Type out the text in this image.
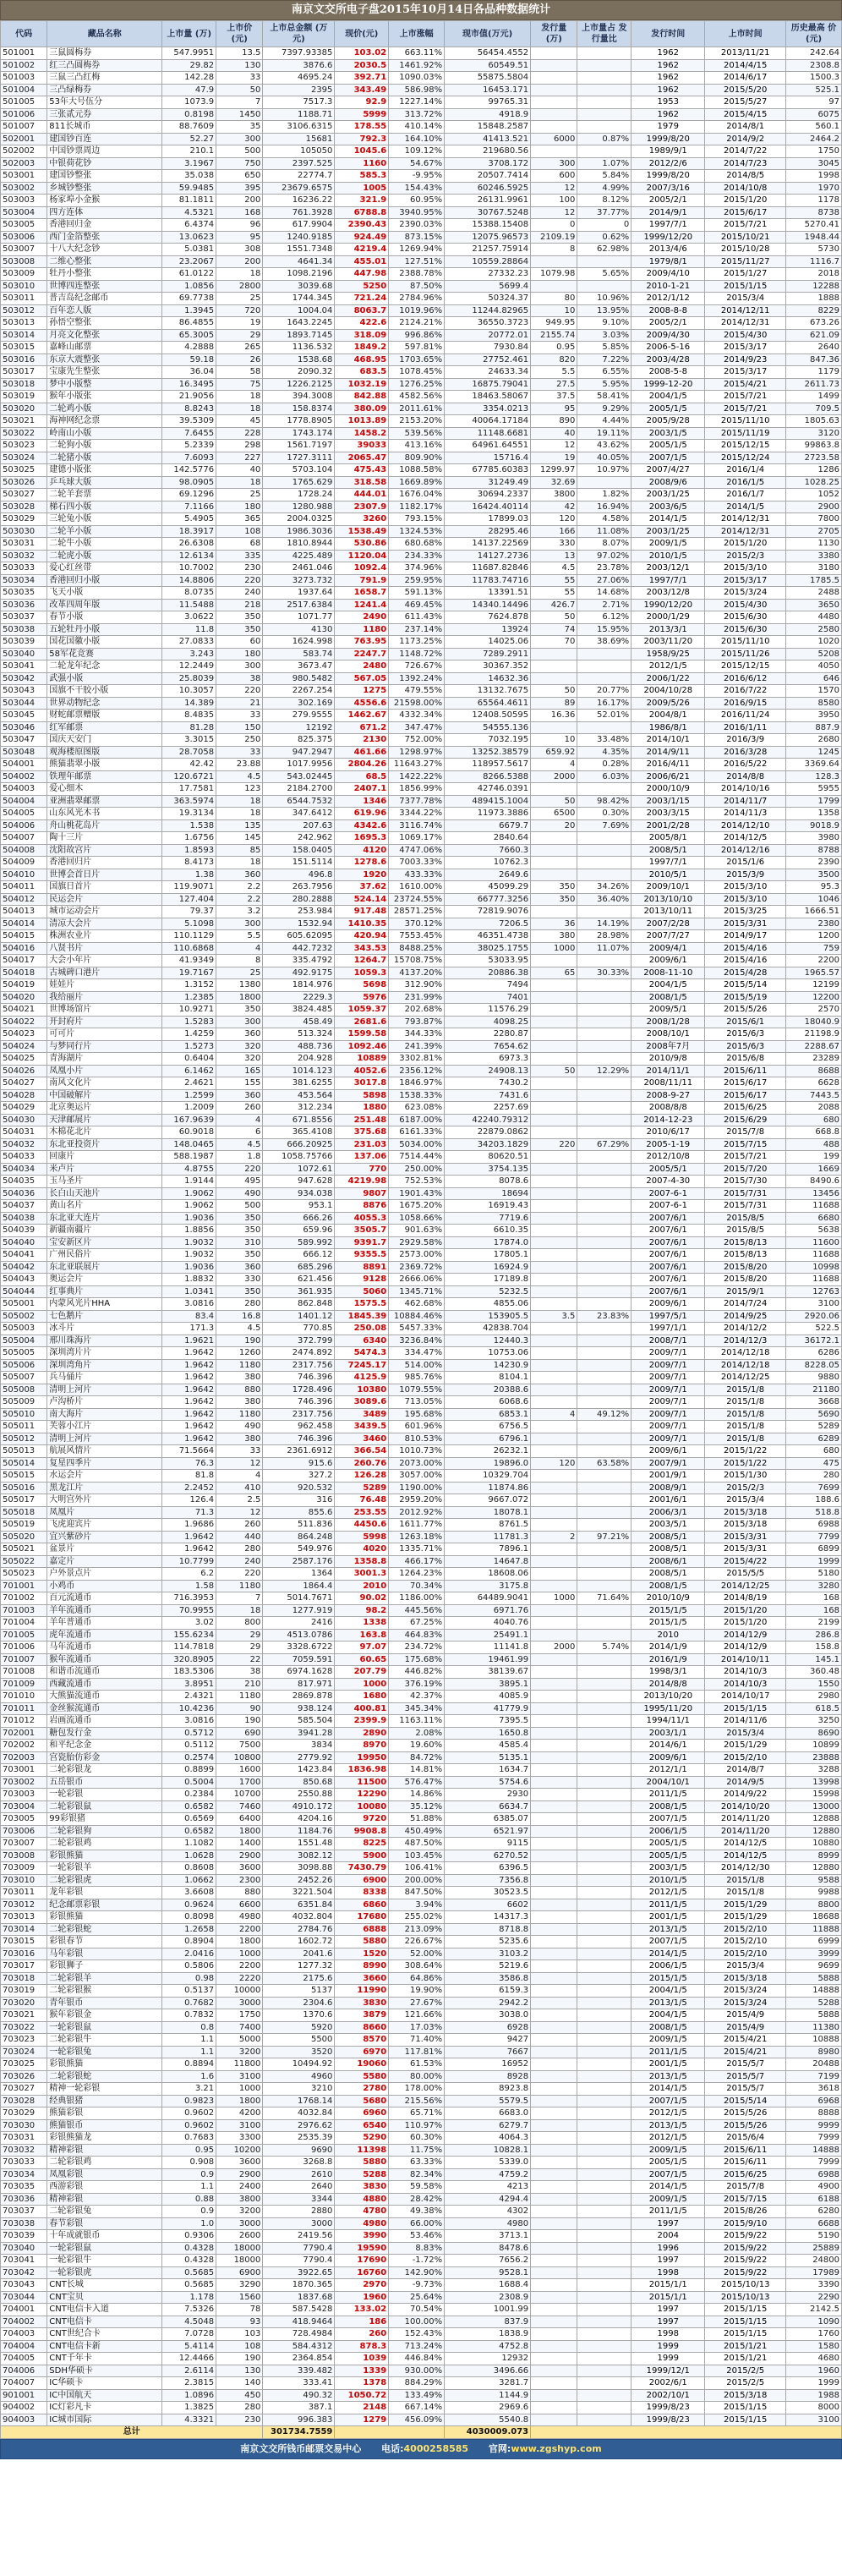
南京文交所电子盘2015年10月14日各品种数据统计
代码	藏品名称	上市量 (万)	上市价 (元)	上市总金额 (万元)	现价(元)	上市涨幅	现市值(万元)	发行量 (万)	上市量占 发行量比	发行时间	上市时间	历史最高 价(元)
501001	三鼠圆梅券	547.9951	13.5	7397.93385	103.02	663.11%	56454.4552			1962	2013/11/21	242.64
501002	红三凸圆梅券	29.82	130	3876.6	2030.5	1461.92%	60549.51			1962	2014/4/15	2308.8
501003	三鼠三凸红梅	142.28	33	4695.24	392.71	1090.03%	55875.5804			1962	2014/6/17	1500.3
501004	三凸绿梅券	47.9	50	2395	343.49	586.98%	16453.171			1962	2015/5/20	525.1
501005	53年大号伍分	1073.9	7	7517.3	92.9	1227.14%	99765.31			1953	2015/5/27	97
501006	三张贰元券	0.8198	1450	1188.71	5999	313.72%	4918.9			1962	2015/4/15	6075
501007	811长城币	88.7609	35	3106.6315	178.55	410.14%	15848.2587			1979	2014/8/1	560.1
502001	建国钞百连	52.27	300	15681	792.3	164.10%	41413.521	6000	0.87%	1999/8/20	2014/9/2	2464.2
502002	中国钞票周边	210.1	500	105050	1045.6	109.12%	219680.56			1989/9/1	2014/7/22	1750
502003	中银荷花钞	3.1967	750	2397.525	1160	54.67%	3708.172	300	1.07%	2012/2/6	2014/7/23	3045
503001	建国钞整张	35.038	650	22774.7	585.3	-9.95%	20507.7414	600	5.84%	1999/8/20	2014/8/5	1998
503002	乡城钞整张	59.9485	395	23679.6575	1005	154.43%	60246.5925	12	4.99%	2007/3/16	2014/10/8	1970
503003	杨家埠小金猴	81.1811	200	16236.22	321.9	60.95%	26131.9961	100	8.12%	2005/2/1	2015/1/20	1178
503004	四方连体	4.5321	168	761.3928	6788.8	3940.95%	30767.5248	12	37.77%	2014/9/1	2015/6/17	8738
503005	香港回归金	6.4374	96	617.9904	2390.43	2390.03%	15388.15408	0	0	1997/7/1	2015/7/21	5270.41
503006	西门金箔整张	13.0623	95	1240.9185	924.49	873.15%	12075.96573	2109.19	0.62%	1999/12/20	2015/10/21	1948.44
503007	十八大纪念钞	5.0381	308	1551.7348	4219.4	1269.94%	21257.75914	8	62.98%	2013/4/6	2015/10/28	5730
503008	二维心整张	23.2067	200	4641.34	455.01	127.51%	10559.28864			1979/8/1	2015/11/27	1116.7
503009	牡丹小整张	61.0122	18	1098.2196	447.98	2388.78%	27332.23	1079.98	5.65%	2009/4/10	2015/1/27	2018
503010	世博四连整张	1.0856	2800	3039.68	5250	87.50%	5699.4			2010-1-21	2015/1/15	12288
503011	普吉岛纪念邮币	69.7738	25	1744.345	721.24	2784.96%	50324.37	80	10.96%	2012/1/12	2015/3/4	1888
503012	百年恋人版	1.3945	720	1004.04	8063.7	1019.96%	11244.82965	10	13.95%	2008-8-8	2014/12/11	8229
503013	孙悟空整张	86.4855	19	1643.2245	422.6	2124.21%	36550.3723	949.95	9.10%	2005/2/1	2014/12/31	673.26
503014	月亮文化整张	65.3005	29	1893.7145	318.09	996.86%	20772.01	2155.74	3.03%	2009/4/30	2015/4/30	621.09
503015	嘉峰山邮票	4.2888	265	1136.532	1849.2	597.81%	7930.84	0.95	5.85%	2006-5-16	2015/3/17	2640
503016	东京大震整张	59.18	26	1538.68	468.95	1703.65%	27752.461	820	7.22%	2003/4/28	2014/9/23	847.36
503017	宝康先生整张	36.04	58	2090.32	683.5	1078.45%	24633.34	5.5	6.55%	2008-5-8	2015/3/17	1179
503018	梦中小版整	16.3495	75	1226.2125	1032.19	1276.25%	16875.79041	27.5	5.95%	1999-12-20	2015/4/21	2611.73
503019	猴年小版张	21.9056	18	394.3008	842.88	4582.56%	18463.58067	37.5	58.41%	2004/1/5	2015/7/21	1499
503020	二轮鸡小版	8.8243	18	158.8374	380.09	2011.61%	3354.0213	95	9.29%	2005/1/5	2015/7/21	709.5
503021	海神网纪念票	39.5309	45	1778.8905	1013.89	2153.20%	40064.17184	890	4.44%	2005/9/28	2015/11/10	1805.63
503022	岭南山小版	7.6455	228	1743.174	1458.2	539.56%	11148.6681	40	19.11%	2003/1/5	2015/11/19	3120
503023	二轮狗小版	5.2339	298	1561.7197	39033	413.16%	64961.64551	12	43.62%	2005/1/5	2015/12/15	99863.8
503024	二轮猪小版	7.6093	227	1727.3111	2065.47	809.90%	15716.4	19	40.05%	2007/1/5	2015/12/24	2723.58
503025	建德小版张	142.5776	40	5703.104	475.43	1088.58%	67785.60383	1299.97	10.97%	2007/4/27	2016/1/4	1286
503026	乒乓球大版	98.0905	18	1765.629	318.58	1669.89%	31249.49	32.69		2008/9/6	2016/1/5	1028.25
503027	二轮羊套票	69.1296	25	1728.24	444.01	1676.04%	30694.2337	3800	1.82%	2003/1/25	2016/1/7	1052
503028	梯石四小版	7.1166	180	1280.988	2307.9	1182.17%	16424.40114	42	16.94%	2003/6/5	2014/1/5	2900
503029	三轮兔小版	5.4905	365	2004.0325	3260	793.15%	17899.03	120	4.58%	2014/1/5	2014/12/31	7800
503030	二轮羊小版	18.3917	108	1986.3036	1538.49	1324.53%	28295.46	166	11.08%	2003/1/25	2014/12/31	2705
503031	二轮牛小版	26.6308	68	1810.8944	530.86	680.68%	14137.22569	330	8.07%	2009/1/5	2015/1/20	1130
503032	二轮虎小版	12.6134	335	4225.489	1120.04	234.33%	14127.2736	13	97.02%	2010/1/5	2015/2/3	3380
503033	爱心红丝带	10.7002	230	2461.046	1092.4	374.96%	11687.82846	4.5	23.78%	2003/12/1	2015/3/10	3180
503034	香港回归小版	14.8806	220	3273.732	791.9	259.95%	11783.74716	55	27.06%	1997/7/1	2015/3/17	1785.5
503035	飞天小版	8.0735	240	1937.64	1658.7	591.13%	13391.51	55	14.68%	2003/12/8	2015/3/24	2488
503036	改革四周年版	11.5488	218	2517.6384	1241.4	469.45%	14340.14496	426.7	2.71%	1990/12/20	2015/4/30	3650
503037	春节小版	3.0622	350	1071.77	2490	611.43%	7624.878	50	6.12%	2000/1/29	2015/6/30	4480
503038	五轮牡丹小版	11.8	350	4130	1180	237.14%	13924	74	15.95%	2013/3/1	2015/6/30	2580
503039	国花国徽小版	27.0833	60	1624.998	763.95	1173.25%	14025.06	70	38.69%	2003/11/20	2015/11/10	1020
503040	58军花竞赛	3.243	180	583.74	2247.7	1148.72%	7289.2911			1958/9/25	2015/11/26	5208
503041	二轮龙年纪念	12.2449	300	3673.47	2480	726.67%	30367.352			2012/1/5	2015/12/15	4050
503042	武强小版	25.8039	38	980.5482	567.05	1392.24%	14632.36			2006/1/22	2016/6/12	646
503043	国旗不干胶小版	10.3057	220	2267.254	1275	479.55%	13132.7675	50	20.77%	2004/10/28	2016/7/22	1570
503044	世界动物纪念	14.389	21	302.169	4556.6	21598.00%	65564.4611	89	16.17%	2009/5/26	2016/9/15	8580
503045	财蛇邮票赠版	8.4835	33	279.9555	1462.67	4332.34%	12408.50595	16.36	52.01%	2004/8/1	2016/11/24	3950
503046	红军邮票	81.28	150	12192	671.2	347.47%	54555.136			1986/8/1	2016/1/11	887.9
503047	国庆天安门	3.3015	250	825.375	2130	752.00%	7032.195	10	33.48%	2014/10/1	2016/3/9	2680
503048	观海楼原图版	28.7058	33	947.2947	461.66	1298.97%	13252.38579	659.92	4.35%	2014/9/11	2016/3/28	1245
504001	熊猫翡翠小版	42.42	23.88	1017.9956	2804.26	11643.27%	118957.5617	4	0.28%	2016/4/11	2016/5/22	3369.64
504002	铁理年邮票	120.6721	4.5	543.02445	68.5	1422.22%	8266.5388	2000	6.03%	2006/6/21	2014/8/8	128.3
504003	爱心细木	17.7581	123	2184.2700	2407.1	1856.99%	42746.0391			2000/10/9	2014/10/16	5955
504004	亚洲翡翠邮票	363.5974	18	6544.7532	1346	7377.78%	489415.1004	50	98.42%	2003/1/15	2014/11/7	1799
504005	山东风光木书	19.3134	18	347.6412	619.96	3344.22%	11973.3886	6500	0.30%	2003/3/15	2014/11/3	1358
504006	舟山桃花岛片	1.538	135	207.63	4342.6	3116.74%	6679.7	20	7.69%	2001/2/28	2014/12/10	9018.9
504007	陶十三片	1.6756	145	242.962	1695.3	1069.17%	2840.64			2005/8/1	2014/12/5	3980
504008	沈阳故宫片	1.8593	85	158.0405	4120	4747.06%	7660.3			2008/5/1	2014/12/16	8788
504009	香港回归片	8.4173	18	151.5114	1278.6	7003.33%	10762.3			1997/7/1	2015/1/6	2390
504010	世博会首日片	1.38	360	496.8	1920	433.33%	2649.6			2010/5/1	2015/3/9	3500
504011	国旗日首片	119.9071	2.2	263.7956	37.62	1610.00%	45099.29	350	34.26%	2009/10/1	2015/3/10	95.3
504012	民运会片	127.404	2.2	280.2888	524.14	23724.55%	66777.3256	350	36.40%	2013/10/10	2015/3/10	1046
504013	城市运动会片	79.37	3.2	253.984	917.48	28571.25%	72819.9076			2013/10/11	2015/3/25	1666.51
504014	清凉大会片	5.1098	300	1532.94	1410.35	370.12%	7206.5	36	14.19%	2007/2/28	2015/3/31	2380
504015	株洲农业片	110.1129	5.5	605.62095	420.94	7553.45%	46351.4738	380	28.98%	2007/7/27	2014/9/17	1200
504016	八贤书片	110.6868	4	442.7232	343.53	8488.25%	38025.1755	1000	11.07%	2009/4/1	2015/4/16	759
504017	大会小年片	41.9349	8	335.4792	1264.7	15708.75%	53033.95			2009/6/1	2015/4/16	2200
504018	古城碑口港片	19.7167	25	492.9175	1059.3	4137.20%	20886.38	65	30.33%	2008-11-10	2015/4/28	1965.57
504019	娃娃片	1.3152	1380	1814.976	5698	312.90%	7494			2004/1/5	2015/5/14	12199
504020	我给丽片	1.2385	1800	2229.3	5976	231.99%	7401			2008/1/5	2015/5/19	12200
504021	世博场馆片	10.9271	350	3824.485	1059.37	202.68%	11576.29			2009/5/1	2015/5/26	2570
504022	开封府片	1.5283	300	458.49	2681.6	793.87%	4098.25			2008/1/28	2015/6/1	18040.9
504023	可可片	1.4259	360	513.324	1599.58	344.33%	2280.87			2008/10/1	2015/6/3	21198.9
504024	与梦同行片	1.5273	320	488.736	1092.46	241.39%	7654.62			2008年7月	2015/6/3	2288.67
504025	青海湖片	0.6404	320	204.928	10889	3302.81%	6973.3			2010/9/8	2015/6/8	23289
504026	凤凰小片	6.1462	165	1014.123	4052.6	2356.12%	24908.13	50	12.29%	2014/11/1	2015/6/11	8688
504027	南风文化片	2.4621	155	381.6255	3017.8	1846.97%	7430.2			2008/11/11	2015/6/17	6628
504028	中国破解片	1.2599	360	453.564	5898	1538.33%	7431.6			2008-9-27	2015/6/17	7443.5
504029	北京奥运片	1.2009	260	312.234	1880	623.08%	2257.69			2008/8/8	2015/6/25	2088
504030	天津邮展片	167.9639	4	671.8556	251.48	6187.00%	42240.79312			2014-12-23	2015/6/29	680
504031	木棉花北片	60.9018	6	365.4108	375.68	6161.33%	22879.0862			2010/6/17	2015/7/8	668.8
504032	东北亚投资片	148.0465	4.5	666.20925	231.03	5034.00%	34203.1829	220	67.29%	2005-1-19	2015/7/15	488
504033	回康片	588.1987	1.8	1058.75766	137.06	7514.44%	80620.51			2012/10/8	2015/7/21	199
504034	米卢片	4.8755	220	1072.61	770	250.00%	3754.135			2005/5/1	2015/7/20	1669
504035	玉马圣片	1.9144	495	947.628	4219.98	752.53%	8078.6			2007-4-30	2015/7/30	8490.6
504036	长白山天池片	1.9062	490	934.038	9807	1901.43%	18694			2007-6-1	2015/7/31	13456
504037	黄山名片	1.9062	500	953.1	8876	1675.20%	16919.43			2007-6-1	2015/7/31	11688
504038	东北亚大连片	1.9036	350	666.26	4055.3	1058.66%	7719.6			2007/6/1	2015/8/5	6680
504039	新疆南疆片	1.8856	350	659.96	3505.7	901.63%	6610.35			2007/6/1	2015/8/5	5638
504040	宝安新区片	1.9032	310	589.992	9391.7	2929.58%	17874.0			2007/6/1	2015/8/13	11600
504041	广州民俗片	1.9032	350	666.12	9355.5	2573.00%	17805.1			2007/6/1	2015/8/13	11688
504042	东北亚联展片	1.9036	360	685.296	8891	2369.72%	16924.9			2007/6/1	2015/8/20	10998
504043	奥运会片	1.8832	330	621.456	9128	2666.06%	17189.8			2007/6/1	2015/8/20	11688
504044	红事典片	1.0341	350	361.935	5060	1345.71%	5232.5			2007/6/1	2015/9/1	12763
505001	内蒙风光片HHA	3.0816	280	862.848	1575.5	462.68%	4855.06			2009/6/1	2014/7/24	3100
505002	七色鹅片	83.4	16.8	1401.12	1845.39	10884.46%	153905.5	3.5	23.83%	1997/5/1	2014/9/25	2920.06
505003	冰斗片	171.3	4.5	770.85	250.08	5457.33%	42838.704			1997/1/1	2014/12/2	522.5
505004	邢川珠海片	1.9621	190	372.799	6340	3236.84%	12440.3			2008/7/1	2014/12/3	36172.1
505005	深圳湾片片	1.9642	1260	2474.892	5474.3	334.47%	10753.06			2009/7/1	2014/12/18	6286
505006	深圳湾角片	1.9642	1180	2317.756	7245.17	514.00%	14230.9			2009/7/1	2014/12/18	8228.05
505007	兵马俑片	1.9642	380	746.396	4125.9	985.76%	8104.1			2009/7/1	2014/12/25	9880
505008	清明上河片	1.9642	880	1728.496	10380	1079.55%	20388.6			2009/7/1	2015/1/8	21180
505009	卢沟桥片	1.9642	380	746.396	3089.6	713.05%	6068.6			2009/7/1	2015/1/8	3668
505010	南大海片	1.9642	1180	2317.756	3489	195.68%	6853.1	4	49.12%	2009/7/1	2015/1/8	5690
505011	芙蓉小江片	1.9642	490	962.458	3439.5	601.96%	6756.5			2009/7/1	2015/1/8	5289
505012	清明上河片	1.9642	380	746.396	3460	810.53%	6796.1			2009/7/1	2015/1/8	6289
505013	航展风情片	71.5664	33	2361.6912	366.54	1010.73%	26232.1			2009/6/1	2015/1/22	680
505014	复星四季片	76.3	12	915.6	260.76	2073.00%	19896.0	120	63.58%	2007/9/1	2015/1/22	475
505015	水运会片	81.8	4	327.2	126.28	3057.00%	10329.704			2001/9/1	2015/1/30	280
505016	黑龙江片	2.2452	410	920.532	5289	1190.00%	11874.86			2008/9/1	2015/2/3	7699
505017	大明宫外片	126.4	2.5	316	76.48	2959.20%	9667.072			2001/6/1	2015/3/4	188.6
505018	凤凰片	71.3	12	855.6	253.55	2012.92%	18078.1			2006/3/1	2015/3/18	518.8
505019	飞虎迎宾片	1.9686	260	511.836	4450.6	1611.77%	8761.5			2003/5/1	2015/3/18	6988
505020	宜兴紫砂片	1.9642	440	864.248	5998	1263.18%	11781.3	2	97.21%	2008/5/1	2015/3/31	7799
505021	盆景片	1.9642	280	549.976	4020	1335.71%	7896.1			2008/5/1	2015/3/31	6899
505022	嘉定片	10.7799	240	2587.176	1358.8	466.17%	14647.8			2008/6/1	2015/4/22	1999
505023	户外景点片	6.2	220	1364	3001.3	1264.23%	18608.06			2008/5/1	2015/5/5	5180
701001	小鸡币	1.58	1180	1864.4	2010	70.34%	3175.8			2008/1/5	2014/12/25	3280
701002	百元流通币	716.3953	7	5014.7671	90.02	1186.00%	64489.9041	1000	71.64%	2010/10/9	2014/8/19	168
701003	羊年流通币	70.9955	18	1277.919	98.2	445.56%	6971.76			2015/1/5	2015/1/20	168
701004	羊年普通币	3.02	800	2416	1338	67.25%	4040.76			2015/1/5	2015/1/20	2199
701005	虎年流通币	155.6234	29	4513.0786	163.8	464.83%	25491.1			2010	2014/12/9	286.8
701006	马年流通币	114.7818	29	3328.6722	97.07	234.72%	11141.8	2000	5.74%	2014/1/9	2014/12/9	158.8
701007	猴年流通币	320.8905	22	7059.591	60.65	175.68%	19461.99			2016/1/9	2014/10/11	145.1
701008	和谐币流通币	183.5306	38	6974.1628	207.79	446.82%	38139.67			1998/3/1	2014/10/3	360.48
701009	西藏流通币	3.8951	210	817.971	1000	376.19%	3895.1			2014/8/8	2014/10/3	1550
701010	大熊猫流通币	2.4321	1180	2869.878	1680	42.37%	4085.9			2013/10/20	2014/10/17	2980
701011	金丝猴流通币	10.4236	90	938.124	400.81	345.34%	41779.9			1995/11/20	2015/1/15	618.5
701012	岩画流通币	3.0816	190	585.504	2399.9	1163.11%	7395.5			1994/11/1	2014/11/6	3250
702001	糖包发行金	0.5712	690	3941.28	2890	2.08%	1650.8			2003/1/1	2015/3/4	8690
702002	和平纪念金	0.5112	7500	3834	8970	19.60%	4585.4			2014/6/1	2015/1/29	10899
702003	宫瓷胎仿彩金	0.2574	10800	2779.92	19950	84.72%	5135.1			2009/6/1	2015/2/10	23888
703001	二轮彩银龙	0.8899	1600	1423.84	1836.98	14.81%	1634.7			2012/1/1	2014/8/7	3288
703002	五岳银币	0.5004	1700	850.68	11500	576.47%	5754.6			2004/10/1	2014/9/5	13998
703003	一轮彩银	0.2384	10700	2550.88	12290	14.86%	2930			2011/1/5	2014/9/22	15998
703004	二轮彩银鼠	0.6582	7460	4910.172	10080	35.12%	6634.7			2008/1/5	2014/10/20	13000
703005	99彩银猪	0.6569	6400	4204.16	9720	51.88%	6385.07			2007/1/5	2014/11/20	12888
703006	二轮彩银狗	0.6582	1800	1184.76	9908.8	450.49%	6521.97			2006/1/5	2014/11/20	12880
703007	二轮彩银鸡	1.1082	1400	1551.48	8225	487.50%	9115			2005/1/5	2014/12/5	10880
703008	彩银熊猫	1.0628	2900	3082.12	5900	103.45%	6270.52			2005/1/5	2014/12/5	8999
703009	一轮彩银羊	0.8608	3600	3098.88	7430.79	106.41%	6396.5			2003/1/5	2014/12/30	12880
703010	二轮彩银虎	1.0662	2300	2452.26	6900	200.00%	7356.8			2010/1/5	2015/1/8	9588
703011	龙年彩银	3.6608	880	3221.504	8338	847.50%	30523.5			2012/1/5	2015/1/8	9988
703012	纪念邮票彩银	0.9624	6600	6351.84	6860	3.94%	6602			2011/1/5	2015/1/29	8800
703013	彩银熊猫	0.8098	4980	4032.804	17680	255.02%	14317.3			2001/1/5	2015/1/29	18688
703014	二轮彩银蛇	1.2658	2200	2784.76	6888	213.09%	8718.8			2013/1/5	2015/2/10	11888
703015	彩银春节	0.8904	1800	1602.72	5880	226.67%	5235.6			2007/1/5	2015/2/10	6999
703016	马年彩银	2.0416	1000	2041.6	1520	52.00%	3103.2			2014/1/5	2015/2/10	3999
703017	彩银狮子	0.5806	2200	1277.32	8990	308.64%	5219.6			2006/1/5	2015/3/4	9699
703018	二轮彩银羊	0.98	2220	2175.6	3660	64.86%	3586.8			2015/1/5	2015/3/18	5888
703019	二轮彩银猴	0.5137	10000	5137	11990	19.90%	6159.3			2004/1/5	2015/3/24	14888
703020	青年银币	0.7682	3000	2304.6	3830	27.67%	2942.2			2013/1/5	2015/3/24	5288
703021	猴年彩银金	0.7832	1750	1370.6	3879	121.66%	3038.0			2004/1/5	2015/4/9	5888
703022	一轮彩银鼠	0.8	7400	5920	8660	17.03%	6928			2008/1/5	2015/4/9	11380
703023	二轮彩银牛	1.1	5000	5500	8570	71.40%	9427			2009/1/5	2015/4/21	10888
703024	一轮彩银兔	1.1	3200	3520	6970	117.81%	7667			2011/1/5	2015/4/21	8980
703025	彩银熊猫	0.8894	11800	10494.92	19060	61.53%	16952			2001/1/5	2015/5/7	20488
703026	二轮彩银蛇	1.6	3100	4960	5580	80.00%	8928			2013/1/5	2015/5/7	7199
703027	精神一轮彩银	3.21	1000	3210	2780	178.00%	8923.8			2014/1/5	2015/5/7	3618
703028	经典银猪	0.9823	1800	1768.14	5680	215.56%	5579.5			2007/1/5	2015/5/14	6968
703029	熊猫彩银	0.9602	4200	4032.84	6960	65.71%	6683.0			2012/1/5	2015/5/26	8888
703030	熊猫银币	0.9602	3100	2976.62	6540	110.97%	6279.7			2013/1/5	2015/5/26	9999
703031	彩银熊猫龙	0.7683	3300	2535.39	5290	60.30%	4064.3			2012/1/5	2015/6/4	7999
703032	精神彩银	0.95	10200	9690	11398	11.75%	10828.1			2009/1/5	2015/6/11	14888
703033	二轮彩银鸡	0.908	3600	3268.8	5880	63.33%	5339.0			2005/1/5	2015/6/11	7999
703034	凤凰彩银	0.9	2900	2610	5288	82.34%	4759.2			2007/1/5	2015/6/25	6988
703035	西游彩银	1.1	2400	2640	3830	59.58%	4213			2014/1/5	2015/7/8	4900
703036	精神彩银	0.88	3800	3344	4880	28.42%	4294.4			2009/1/5	2015/7/15	6188
703037	二轮彩银兔	0.9	3200	2880	4780	49.38%	4302			2011/1/5	2015/8/26	6280
703038	春节彩银	1.0	3000	3000	4980	66.00%	4980			1997	2015/9/10	6688
703039	十年成就银币	0.9306	2600	2419.56	3990	53.46%	3713.1			2004	2015/9/22	5190
703040	一轮彩银鼠	0.4328	18000	7790.4	19590	8.83%	8478.6			1996	2015/9/22	25889
703041	一轮彩银牛	0.4328	18000	7790.4	17690	-1.72%	7656.2			1997	2015/9/22	24800
703042	一轮彩银虎	0.5685	6900	3922.65	16760	142.90%	9528.1			1998	2015/9/22	17989
703043	CNT长城	0.5685	3290	1870.365	2970	-9.73%	1688.4			2015/1/1	2015/10/13	3390
703044	CNT宝贝	1.178	1560	1837.68	1960	25.64%	2308.9			2015/1/1	2015/10/13	2290
704001	CNT电信卡入道	7.5326	78	587.5428	133.02	70.54%	1001.99			1997	2015/1/15	2142.5
704002	CNT电信卡	4.5048	93	418.9464	186	100.00%	837.9			1997	2015/1/15	1090
704003	CNT世纪合卡	7.0728	103	728.4984	260	152.43%	1838.9			1998	2015/1/15	1760
704004	CNT电信卡新	5.4114	108	584.4312	878.3	713.24%	4752.8			1999	2015/1/21	1580
704005	CNT千年卡	12.4466	190	2364.854	1039	446.84%	12932			1999	2015/1/21	4680
704006	SDH华硕卡	2.6114	130	339.482	1339	930.00%	3496.66			1999/12/1	2015/2/5	1960
704007	IC华硕卡	2.3815	140	333.41	1378	884.29%	3281.7			2002/6/1	2015/2/5	1999
901001	IC中国航天	1.0896	450	490.32	1050.72	133.49%	1144.9			2002/10/1	2015/3/18	1988
904002	IC灯彩凡卡	1.3825	280	387.1	2148	667.14%	2969.6			1999/8/23	2015/1/15	8000
904003	IC城市国际	4.3321	230	996.383	1279	456.09%	5540.8			1999/8/23	2015/1/15	3100
总计				301734.7559			4030009.073					
南京文交所钱币邮票交易中心 电话:4000258585 官网:www.zgshyp.com
